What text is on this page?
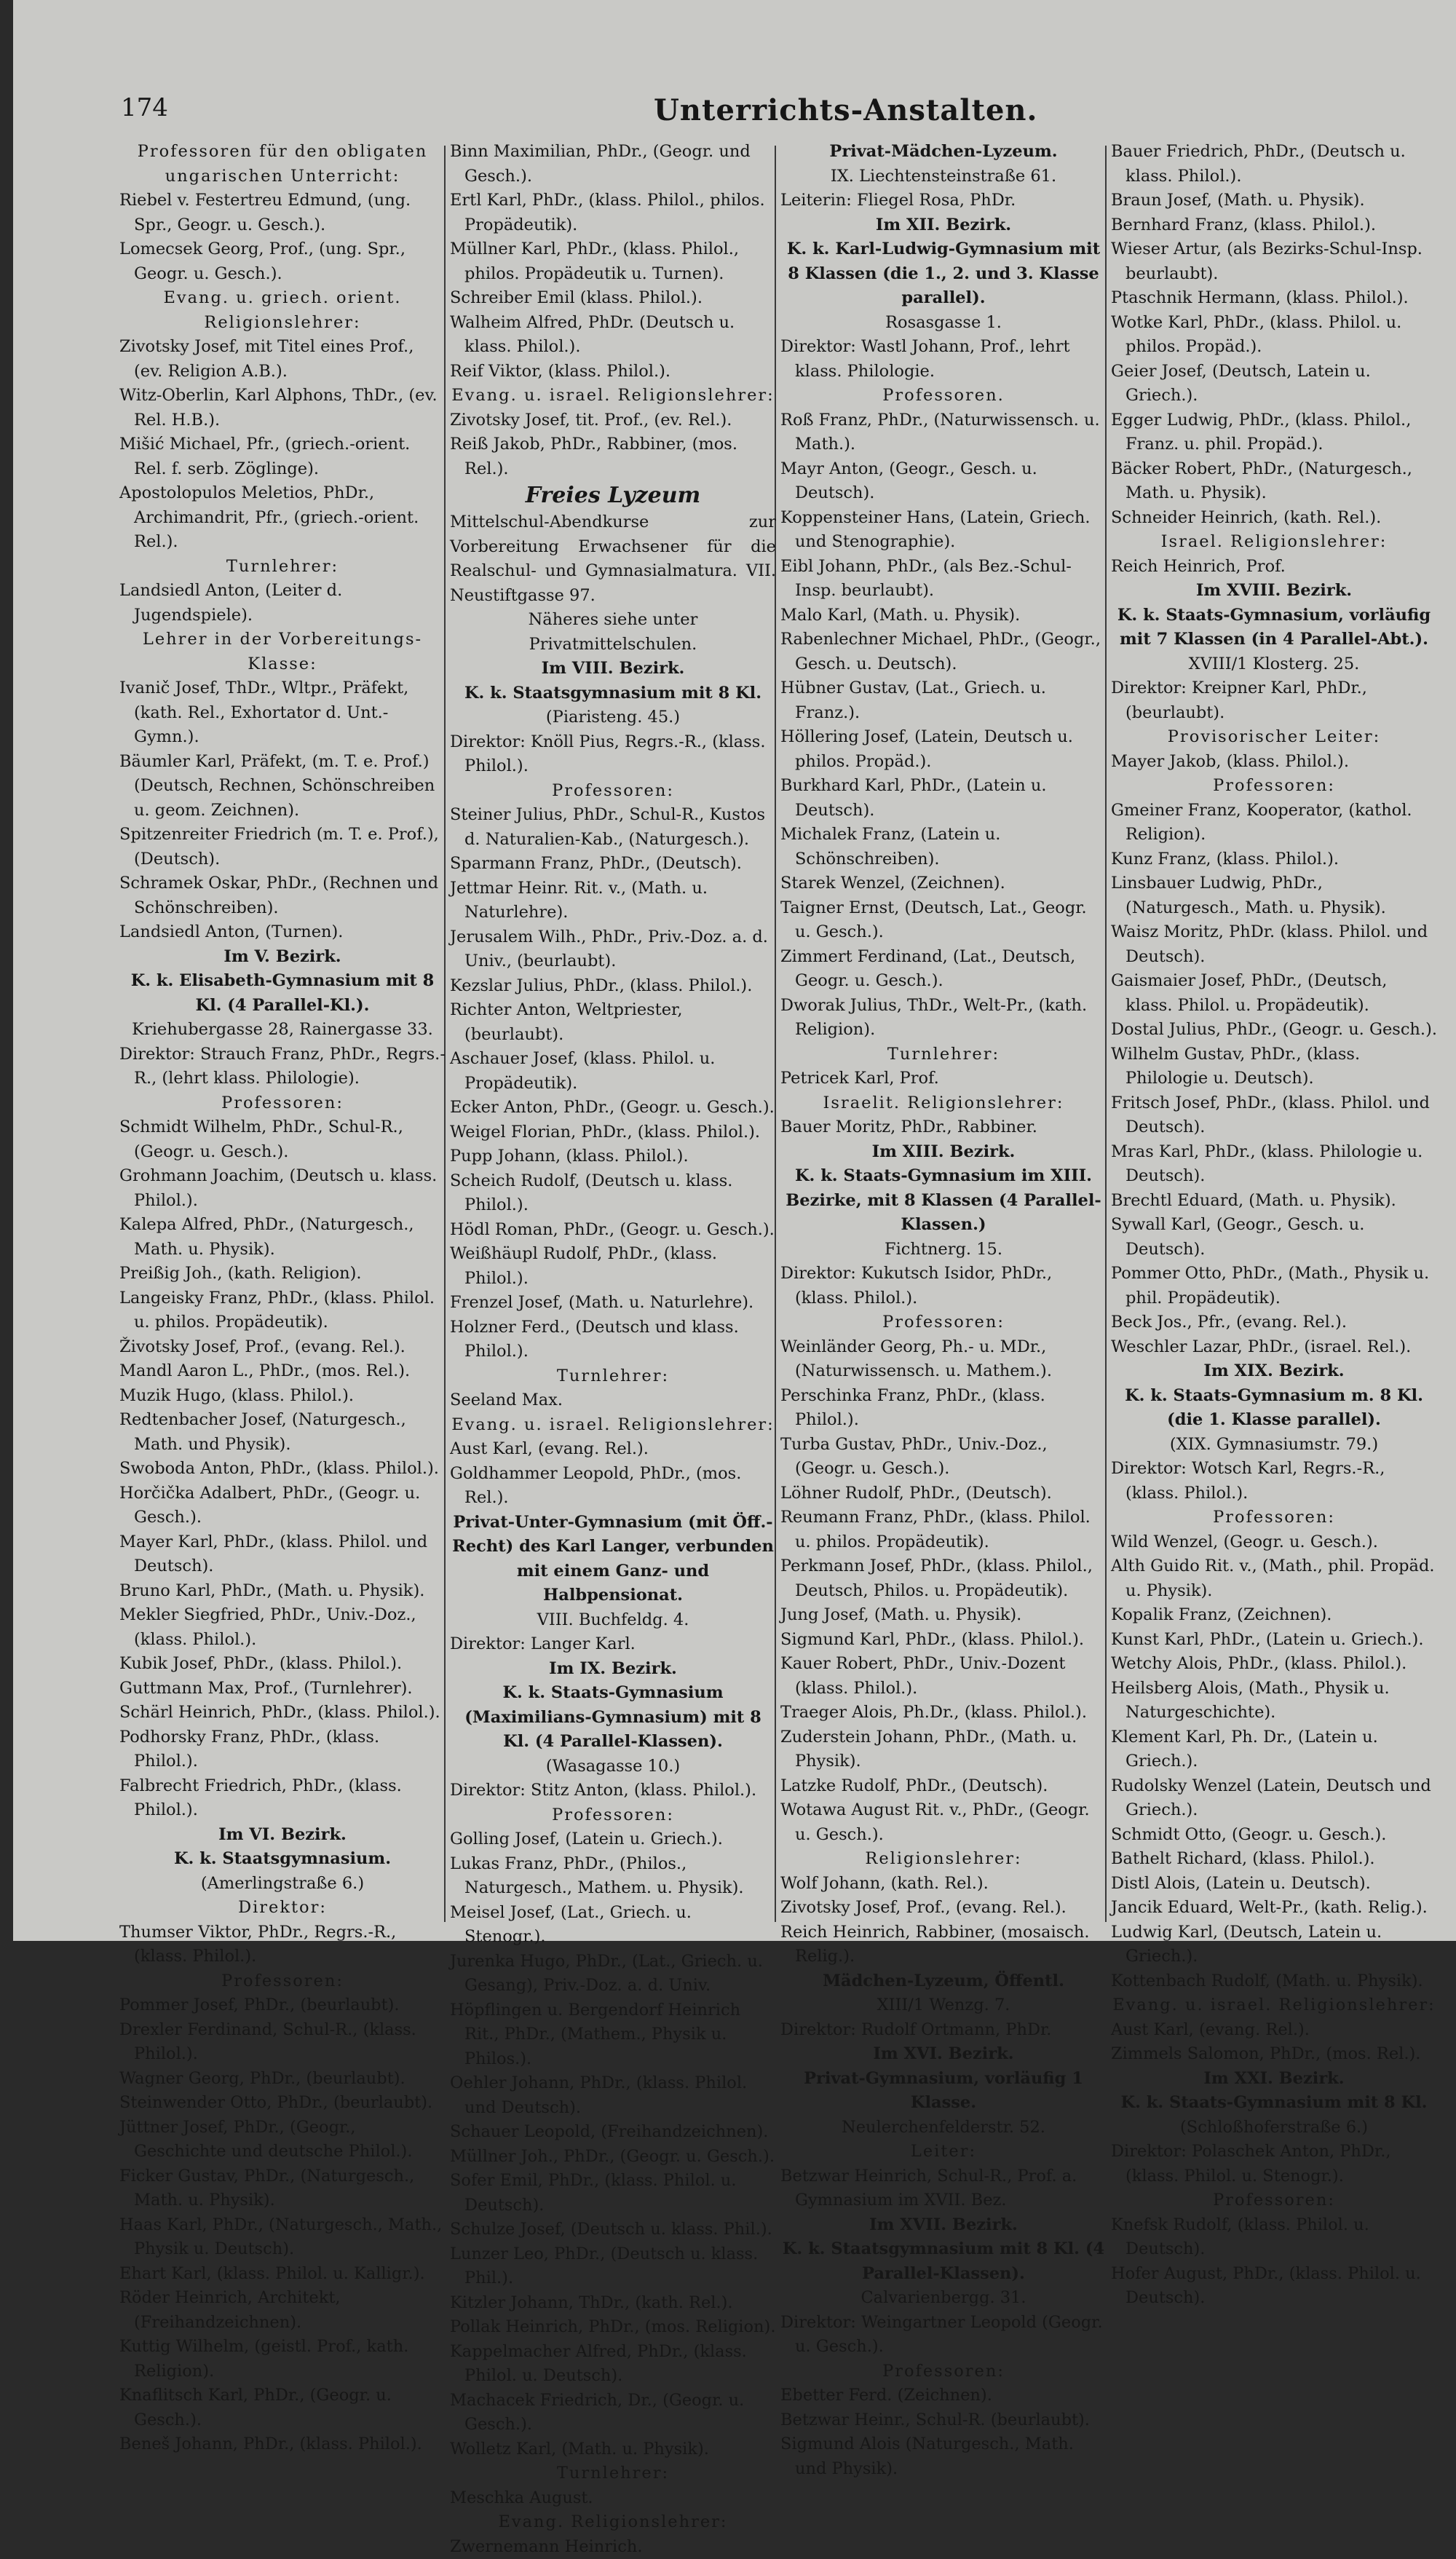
174	Unterrichts-Anstalten.

Professoren für den obligaten ungarischen Unterricht:

Riebel v. Festertreu Edmund, (ung. Spr., Geogr. u. Gesch.).

Lomecsek Georg, Prof., (ung. Spr., Geogr. u. Gesch.).

Evang. u. griech. orient. Religionslehrer:

Zivotsky Josef, mit Titel eines Prof., (ev. Religion A.B.).

Witz-Oberlin, Karl Alphons, ThDr., (ev. Rel. H.B.).

Mišić Michael, Pfr., (griech.-orient. Rel. f. serb. Zöglinge).

Apostolopulos Meletios, PhDr., Archimandrit, Pfr., (griech.-orient. Rel.).

Turnlehrer:

Landsiedl Anton, (Leiter d. Jugendspiele).

Lehrer in der Vorbereitungs-Klasse:

Ivanič Josef, ThDr., Wltpr., Präfekt, (kath. Rel., Exhortator d. Unt.-Gymn.).

Bäumler Karl, Präfekt, (m. T. e. Prof.) (Deutsch, Rechnen, Schönschreiben u. geom. Zeichnen).

Spitzenreiter Friedrich (m. T. e. Prof.), (Deutsch).

Schramek Oskar, PhDr., (Rechnen und Schönschreiben).

Landsiedl Anton, (Turnen).

Im V. Bezirk.

K. k. Elisabeth-Gymnasium mit 8 Kl. (4 Parallel-Kl.).

Kriehubergasse 28, Rainergasse 33.

Direktor: Strauch Franz, PhDr., Regrs.-R., (lehrt klass. Philologie).

Professoren:

Schmidt Wilhelm, PhDr., Schul-R., (Geogr. u. Gesch.).

Grohmann Joachim, (Deutsch u. klass. Philol.).

Kalepa Alfred, PhDr., (Naturgesch., Math. u. Physik).

Preißig Joh., (kath. Religion).

Langeisky Franz, PhDr., (klass. Philol. u. philos. Propädeutik).

Životsky Josef, Prof., (evang. Rel.).

Mandl Aaron L., PhDr., (mos. Rel.).

Muzik Hugo, (klass. Philol.).

Redtenbacher Josef, (Naturgesch., Math. und Physik).

Swoboda Anton, PhDr., (klass. Philol.).

Horčička Adalbert, PhDr., (Geogr. u. Gesch.).

Mayer Karl, PhDr., (klass. Philol. und Deutsch).

Bruno Karl, PhDr., (Math. u. Physik).

Mekler Siegfried, PhDr., Univ.-Doz., (klass. Philol.).

Kubik Josef, PhDr., (klass. Philol.).

Guttmann Max, Prof., (Turnlehrer).

Schärl Heinrich, PhDr., (klass. Philol.).

Podhorsky Franz, PhDr., (klass. Philol.).

Falbrecht Friedrich, PhDr., (klass. Philol.).

Im VI. Bezirk.

K. k. Staatsgymnasium.

(Amerlingstraße 6.)

Direktor:

Thumser Viktor, PhDr., Regrs.-R., (klass. Philol.).

Professoren:

Pommer Josef, PhDr., (beurlaubt).

Drexler Ferdinand, Schul-R., (klass. Philol.).

Wagner Georg, PhDr., (beurlaubt).

Steinwender Otto, PhDr., (beurlaubt).

Jüttner Josef, PhDr., (Geogr., Geschichte und deutsche Philol.).

Ficker Gustav, PhDr., (Naturgesch., Math. u. Physik).

Haas Karl, PhDr., (Naturgesch., Math., Physik u. Deutsch).

Ehart Karl, (klass. Philol. u. Kalligr.).

Röder Heinrich, Architekt, (Freihandzeichnen).

Kuttig Wilhelm, (geistl. Prof., kath. Religion).

Knaflitsch Karl, PhDr., (Geogr. u. Gesch.).

Beneš Johann, PhDr., (klass. Philol.).

Binn Maximilian, PhDr., (Geogr. und Gesch.).

Ertl Karl, PhDr., (klass. Philol., philos. Propädeutik).

Müllner Karl, PhDr., (klass. Philol., philos. Propädeutik u. Turnen).

Schreiber Emil (klass. Philol.).

Walheim Alfred, PhDr. (Deutsch u. klass. Philol.).

Reif Viktor, (klass. Philol.).

Evang. u. israel. Religionslehrer:

Zivotsky Josef, tit. Prof., (ev. Rel.).

Reiß Jakob, PhDr., Rabbiner, (mos. Rel.).

Freies Lyzeum

Mittelschul-Abendkurse zur Vorbereitung Erwachsener für die Realschul- und Gymnasialmatura. VII. Neustiftgasse 97.

Näheres siehe unter Privatmittelschulen.

Im VIII. Bezirk.

K. k. Staatsgymnasium mit 8 Kl.

(Piaristeng. 45.)

Direktor: Knöll Pius, Regrs.-R., (klass. Philol.).

Professoren:

Steiner Julius, PhDr., Schul-R., Kustos d. Naturalien-Kab., (Naturgesch.).

Sparmann Franz, PhDr., (Deutsch).

Jettmar Heinr. Rit. v., (Math. u. Naturlehre).

Jerusalem Wilh., PhDr., Priv.-Doz. a. d. Univ., (beurlaubt).

Kezslar Julius, PhDr., (klass. Philol.).

Richter Anton, Weltpriester, (beurlaubt).

Aschauer Josef, (klass. Philol. u. Propädeutik).

Ecker Anton, PhDr., (Geogr. u. Gesch.).

Weigel Florian, PhDr., (klass. Philol.).

Pupp Johann, (klass. Philol.).

Scheich Rudolf, (Deutsch u. klass. Philol.).

Hödl Roman, PhDr., (Geogr. u. Gesch.).

Weißhäupl Rudolf, PhDr., (klass. Philol.).

Frenzel Josef, (Math. u. Naturlehre).

Holzner Ferd., (Deutsch und klass. Philol.).

Turnlehrer:

Seeland Max.

Evang. u. israel. Religionslehrer:

Aust Karl, (evang. Rel.).

Goldhammer Leopold, PhDr., (mos. Rel.).

Privat-Unter-Gymnasium (mit Öff.-Recht) des Karl Langer, verbunden mit einem Ganz- und Halbpensionat.

VIII. Buchfeldg. 4.

Direktor: Langer Karl.

Im IX. Bezirk.

K. k. Staats-Gymnasium (Maximilians-Gymnasium) mit 8 Kl. (4 Parallel-Klassen).

(Wasagasse 10.)

Direktor: Stitz Anton, (klass. Philol.).

Professoren:

Golling Josef, (Latein u. Griech.).

Lukas Franz, PhDr., (Philos., Naturgesch., Mathem. u. Physik).

Meisel Josef, (Lat., Griech. u. Stenogr.).

Jurenka Hugo, PhDr., (Lat., Griech. u. Gesang), Priv.-Doz. a. d. Univ.

Höpflingen u. Bergendorf Heinrich Rit., PhDr., (Mathem., Physik u. Philos.).

Oehler Johann, PhDr., (klass. Philol. und Deutsch).

Schauer Leopold, (Freihandzeichnen).

Müllner Joh., PhDr., (Geogr. u. Gesch.).

Sofer Emil, PhDr., (klass. Philol. u. Deutsch).

Schulze Josef, (Deutsch u. klass. Phil.).

Lunzer Leo, PhDr., (Deutsch u. klass. Phil.).

Kitzler Johann, ThDr., (kath. Rel.).

Pollak Heinrich, PhDr., (mos. Religion).

Kappelmacher Alfred, PhDr., (klass. Philol. u. Deutsch).

Machacek Friedrich, Dr., (Geogr. u. Gesch.).

Wolletz Karl, (Math. u. Physik).

Turnlehrer:

Meschka August.

Evang. Religionslehrer:

Zwernemann Heinrich.

Privat-Mädchen-Lyzeum.

IX. Liechtensteinstraße 61.

Leiterin: Fliegel Rosa, PhDr.

Im XII. Bezirk.

K. k. Karl-Ludwig-Gymnasium mit 8 Klassen (die 1., 2. und 3. Klasse parallel).

Rosasgasse 1.

Direktor: Wastl Johann, Prof., lehrt klass. Philologie.

Professoren.

Roß Franz, PhDr., (Naturwissensch. u. Math.).

Mayr Anton, (Geogr., Gesch. u. Deutsch).

Koppensteiner Hans, (Latein, Griech. und Stenographie).

Eibl Johann, PhDr., (als Bez.-Schul-Insp. beurlaubt).

Malo Karl, (Math. u. Physik).

Rabenlechner Michael, PhDr., (Geogr., Gesch. u. Deutsch).

Hübner Gustav, (Lat., Griech. u. Franz.).

Höllering Josef, (Latein, Deutsch u. philos. Propäd.).

Burkhard Karl, PhDr., (Latein u. Deutsch).

Michalek Franz, (Latein u. Schönschreiben).

Starek Wenzel, (Zeichnen).

Taigner Ernst, (Deutsch, Lat., Geogr. u. Gesch.).

Zimmert Ferdinand, (Lat., Deutsch, Geogr. u. Gesch.).

Dworak Julius, ThDr., Welt-Pr., (kath. Religion).

Turnlehrer:

Petricek Karl, Prof.

Israelit. Religionslehrer:

Bauer Moritz, PhDr., Rabbiner.

Im XIII. Bezirk.

K. k. Staats-Gymnasium im XIII. Bezirke, mit 8 Klassen (4 Parallel-Klassen.)

Fichtnerg. 15.

Direktor: Kukutsch Isidor, PhDr., (klass. Philol.).

Professoren:

Weinländer Georg, Ph.- u. MDr., (Naturwissensch. u. Mathem.).

Perschinka Franz, PhDr., (klass. Philol.).

Turba Gustav, PhDr., Univ.-Doz., (Geogr. u. Gesch.).

Löhner Rudolf, PhDr., (Deutsch).

Reumann Franz, PhDr., (klass. Philol. u. philos. Propädeutik).

Perkmann Josef, PhDr., (klass. Philol., Deutsch, Philos. u. Propädeutik).

Jung Josef, (Math. u. Physik).

Sigmund Karl, PhDr., (klass. Philol.).

Kauer Robert, PhDr., Univ.-Dozent (klass. Philol.).

Traeger Alois, Ph.Dr., (klass. Philol.).

Zuderstein Johann, PhDr., (Math. u. Physik).

Latzke Rudolf, PhDr., (Deutsch).

Wotawa August Rit. v., PhDr., (Geogr. u. Gesch.).

Religionslehrer:

Wolf Johann, (kath. Rel.).

Zivotsky Josef, Prof., (evang. Rel.).

Reich Heinrich, Rabbiner, (mosaisch. Relig.).

Mädchen-Lyzeum, Öffentl.

XIII/1 Wenzg. 7.

Direktor: Rudolf Ortmann, PhDr.

Im XVI. Bezirk.

Privat-Gymnasium, vorläufig 1 Klasse.

Neulerchenfelderstr. 52.

Leiter:

Betzwar Heinrich, Schul-R., Prof. a. Gymnasium im XVII. Bez.

Im XVII. Bezirk.

K. k. Staatsgymnasium mit 8 Kl. (4 Parallel-Klassen).

Calvarienbergg. 31.

Direktor: Weingartner Leopold (Geogr. u. Gesch.).

Professoren:

Ebetter Ferd. (Zeichnen).

Betzwar Heinr., Schul-R. (beurlaubt).

Sigmund Alois (Naturgesch., Math. und Physik).

Bauer Friedrich, PhDr., (Deutsch u. klass. Philol.).

Braun Josef, (Math. u. Physik).

Bernhard Franz, (klass. Philol.).

Wieser Artur, (als Bezirks-Schul-Insp. beurlaubt).

Ptaschnik Hermann, (klass. Philol.).

Wotke Karl, PhDr., (klass. Philol. u. philos. Propäd.).

Geier Josef, (Deutsch, Latein u. Griech.).

Egger Ludwig, PhDr., (klass. Philol., Franz. u. phil. Propäd.).

Bäcker Robert, PhDr., (Naturgesch., Math. u. Physik).

Schneider Heinrich, (kath. Rel.).

Israel. Religionslehrer:

Reich Heinrich, Prof.

Im XVIII. Bezirk.

K. k. Staats-Gymnasium, vorläufig mit 7 Klassen (in 4 Parallel-Abt.).

XVIII/1 Klosterg. 25.

Direktor: Kreipner Karl, PhDr., (beurlaubt).

Provisorischer Leiter:

Mayer Jakob, (klass. Philol.).

Professoren:

Gmeiner Franz, Kooperator, (kathol. Religion).

Kunz Franz, (klass. Philol.).

Linsbauer Ludwig, PhDr., (Naturgesch., Math. u. Physik).

Waisz Moritz, PhDr. (klass. Philol. und Deutsch).

Gaismaier Josef, PhDr., (Deutsch, klass. Philol. u. Propädeutik).

Dostal Julius, PhDr., (Geogr. u. Gesch.).

Wilhelm Gustav, PhDr., (klass. Philologie u. Deutsch).

Fritsch Josef, PhDr., (klass. Philol. und Deutsch).

Mras Karl, PhDr., (klass. Philologie u. Deutsch).

Brechtl Eduard, (Math. u. Physik).

Sywall Karl, (Geogr., Gesch. u. Deutsch).

Pommer Otto, PhDr., (Math., Physik u. phil. Propädeutik).

Beck Jos., Pfr., (evang. Rel.).

Weschler Lazar, PhDr., (israel. Rel.).

Im XIX. Bezirk.

K. k. Staats-Gymnasium m. 8 Kl. (die 1. Klasse parallel).

(XIX. Gymnasiumstr. 79.)

Direktor: Wotsch Karl, Regrs.-R., (klass. Philol.).

Professoren:

Wild Wenzel, (Geogr. u. Gesch.).

Alth Guido Rit. v., (Math., phil. Propäd. u. Physik).

Kopalik Franz, (Zeichnen).

Kunst Karl, PhDr., (Latein u. Griech.).

Wetchy Alois, PhDr., (klass. Philol.).

Heilsberg Alois, (Math., Physik u. Naturgeschichte).

Klement Karl, Ph. Dr., (Latein u. Griech.).

Rudolsky Wenzel (Latein, Deutsch und Griech.).

Schmidt Otto, (Geogr. u. Gesch.).

Bathelt Richard, (klass. Philol.).

Distl Alois, (Latein u. Deutsch).

Jancik Eduard, Welt-Pr., (kath. Relig.).

Ludwig Karl, (Deutsch, Latein u. Griech.).

Kottenbach Rudolf, (Math. u. Physik).

Evang. u. israel. Religionslehrer:

Aust Karl, (evang. Rel.).

Zimmels Salomon, PhDr., (mos. Rel.).

Im XXI. Bezirk.

K. k. Staats-Gymnasium mit 8 Kl.

(Schloßhoferstraße 6.)

Direktor: Polaschek Anton, PhDr., (klass. Philol. u. Stenogr.).

Professoren:

Knefsk Rudolf, (klass. Philol. u. Deutsch).

Hofer August, PhDr., (klass. Philol. u. Deutsch).
